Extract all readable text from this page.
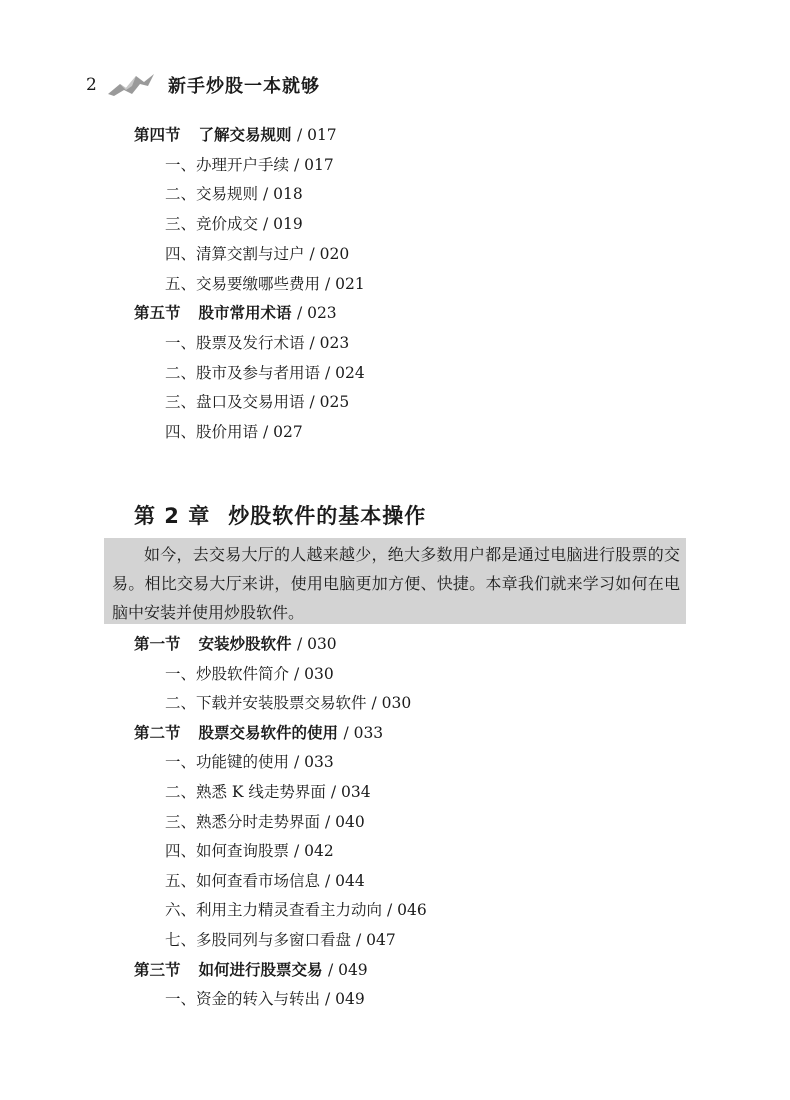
2	新手炒股一本就够
第四节 了解交易规则 / 017
一、办理开户手续 / 017
二、交易规则 / 018
三、竞价成交 / 019
四、清算交割与过户 / 020
五、交易要缴哪些费用 / 021
第五节 股市常用术语 / 023
一、股票及发行术语 / 023
二、股市及参与者用语 / 024
三、盘口及交易用语 / 025
四、股价用语 / 027
第 2 章 炒股软件的基本操作

如今，去交易大厅的人越来越少，绝大多数用户都是通过电脑进行股票的交易。相比交易大厅来讲，使用电脑更加方便、快捷。本章我们就来学习如何在电脑中安装并使用炒股软件。

第一节 安装炒股软件 / 030
一、炒股软件简介 / 030
二、下载并安装股票交易软件 / 030
第二节 股票交易软件的使用 / 033
一、功能键的使用 / 033
二、熟悉 K 线走势界面 / 034
三、熟悉分时走势界面 / 040
四、如何查询股票 / 042
五、如何查看市场信息 / 044
六、利用主力精灵查看主力动向 / 046
七、多股同列与多窗口看盘 / 047
第三节 如何进行股票交易 / 049
一、资金的转入与转出 / 049
